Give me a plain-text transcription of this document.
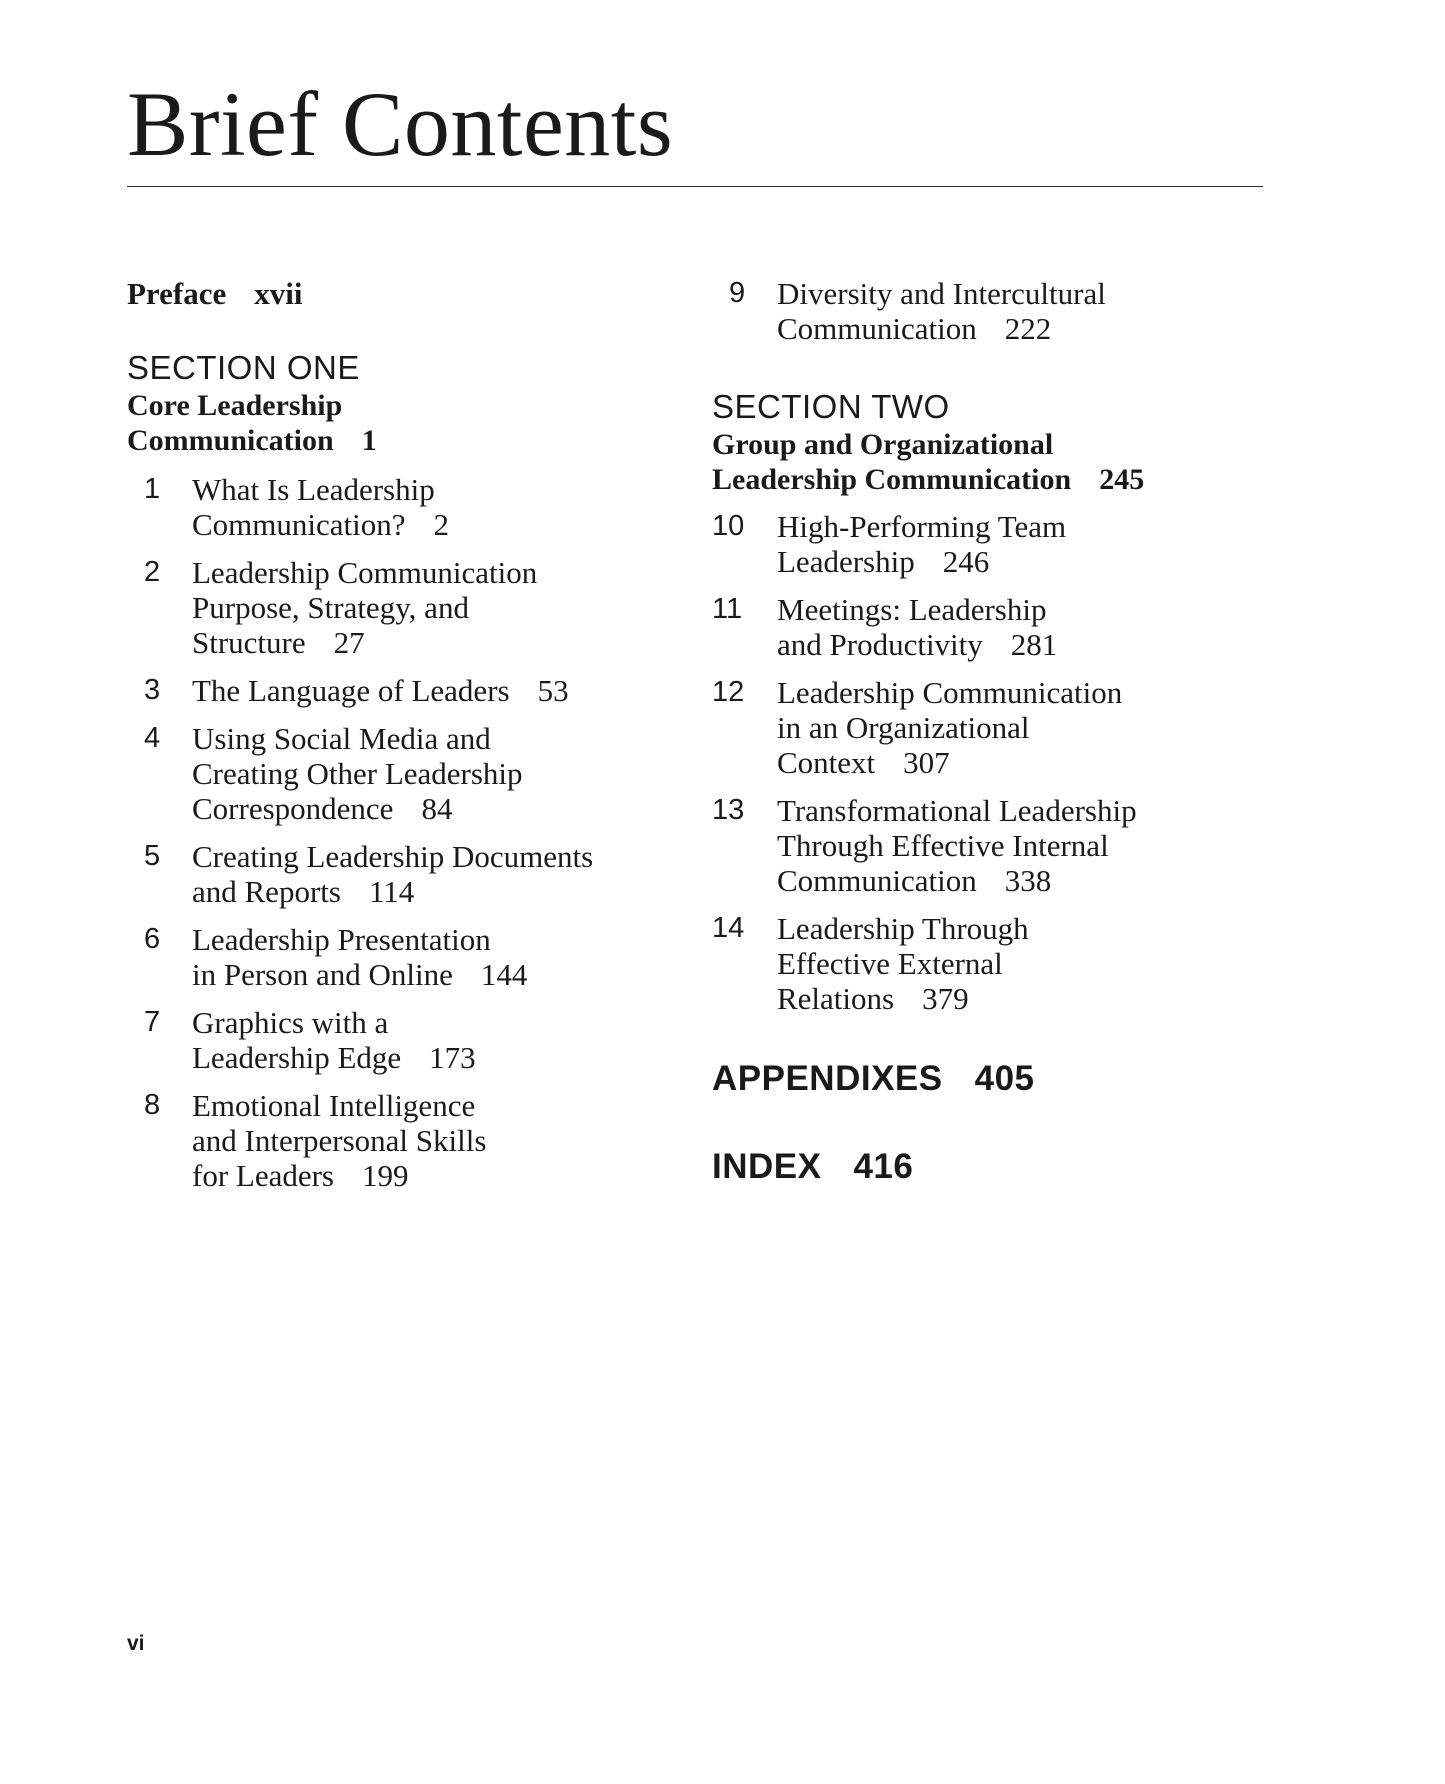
Brief Contents
Preface xvii
SECTION ONE
Core Leadership
Communication 1
1	What Is Leadership
Communication? 2
2	Leadership Communication
Purpose, Strategy, and
Structure 27
3	The Language of Leaders 53
4	Using Social Media and
Creating Other Leadership
Correspondence 84
5	Creating Leadership Documents
and Reports 114
6	Leadership Presentation
in Person and Online 144
7	Graphics with a
Leadership Edge 173
8	Emotional Intelligence
and Interpersonal Skills
for Leaders 199
9	Diversity and Intercultural
Communication 222
SECTION TWO
Group and Organizational
Leadership Communication 245
10	High-Performing Team
Leadership 246
11	Meetings: Leadership
and Productivity 281
12	Leadership Communication
in an Organizational
Context 307
13	Transformational Leadership
Through Effective Internal
Communication 338
14	Leadership Through
Effective External
Relations 379
APPENDIXES 405
INDEX 416
vi
